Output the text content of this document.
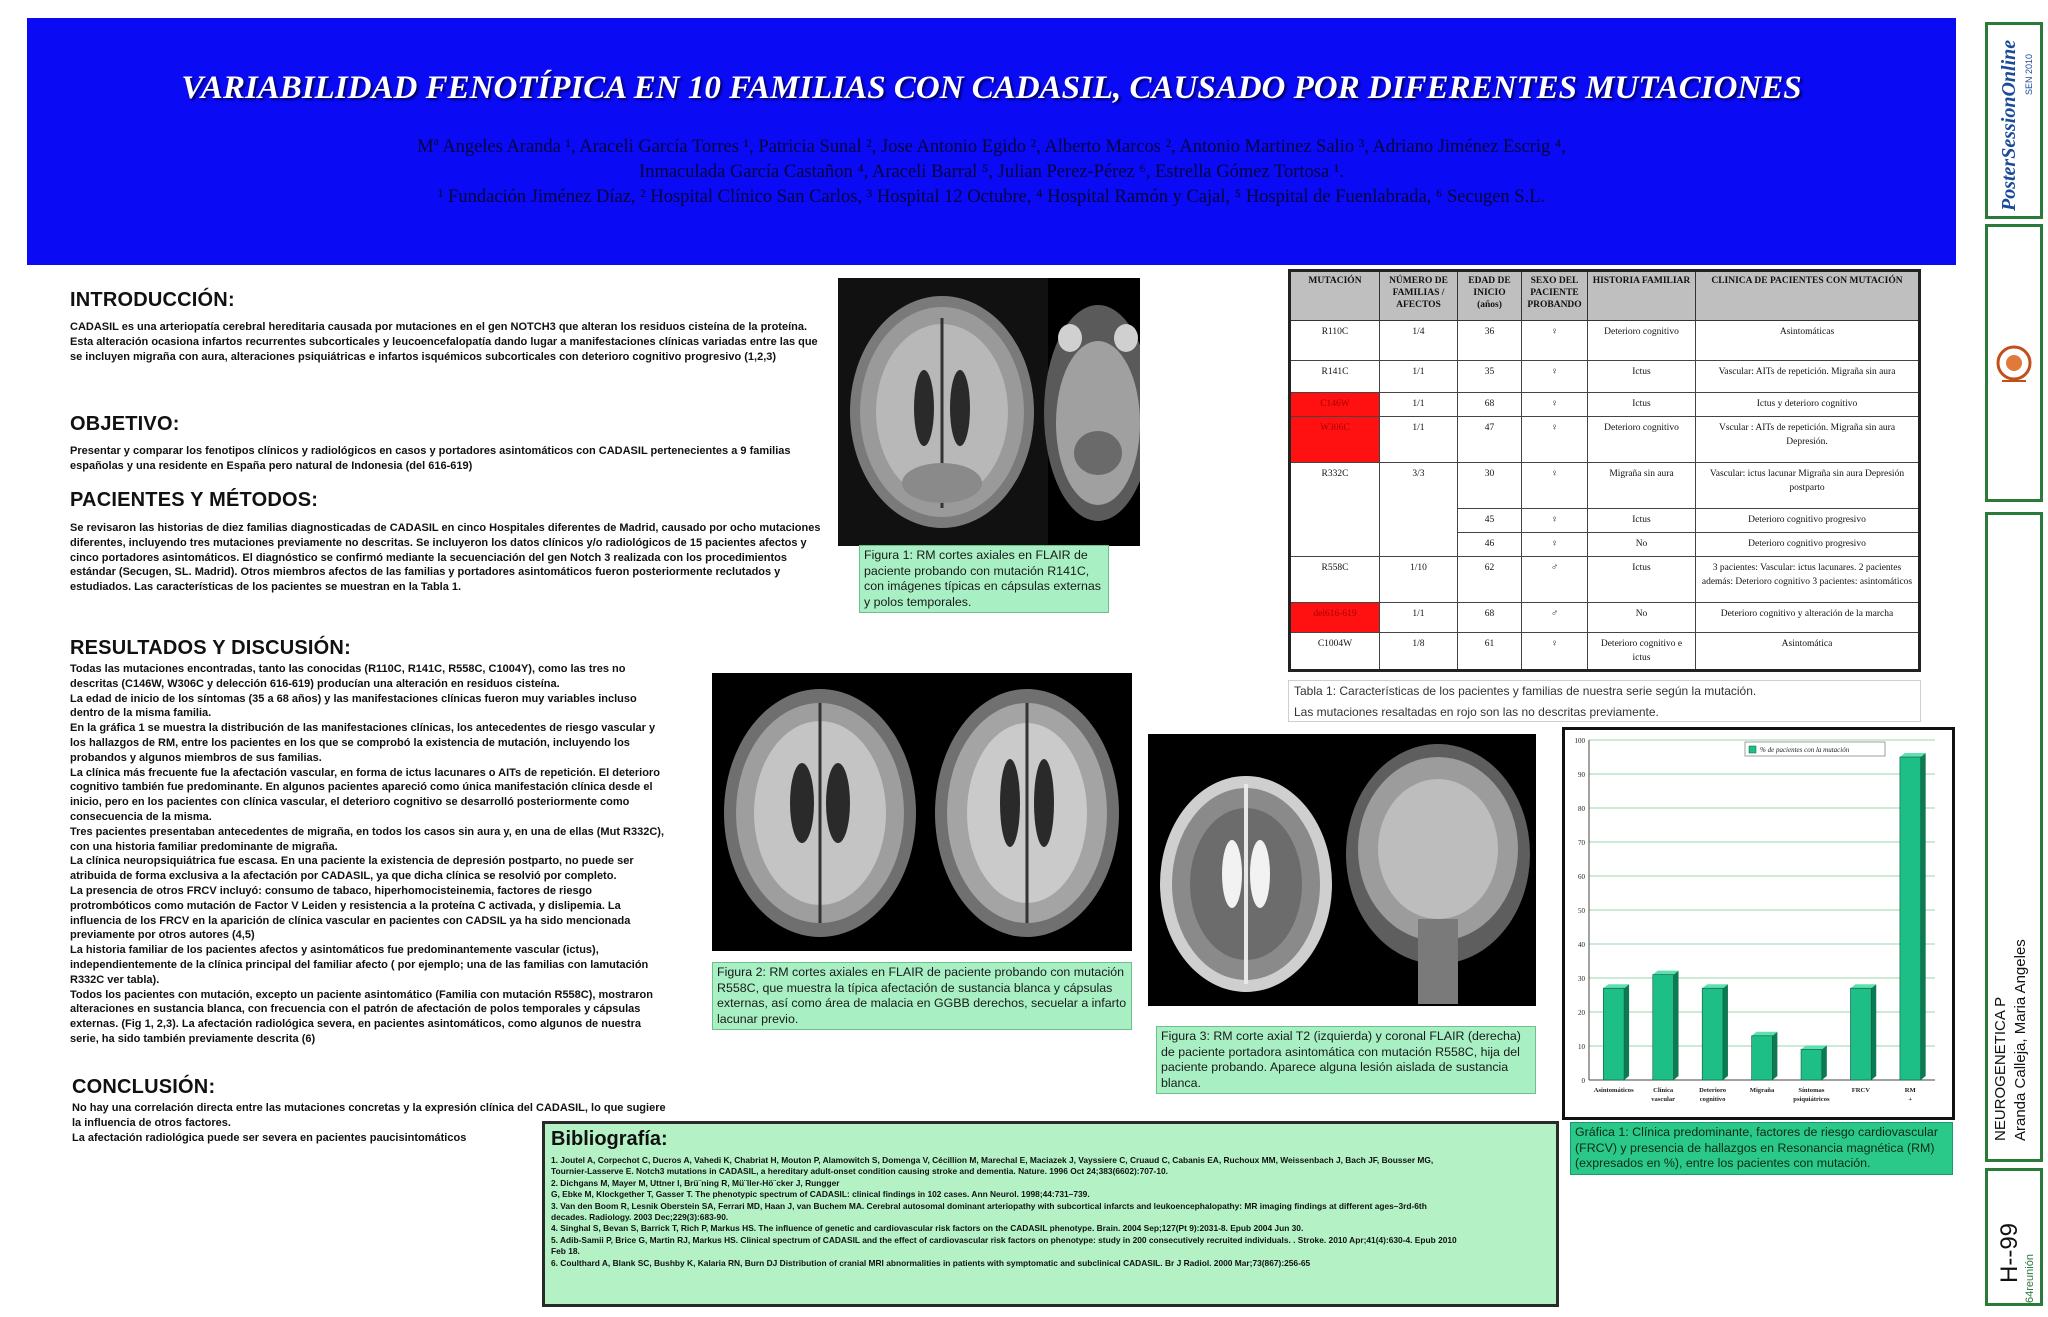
VARIABILIDAD FENOTÍPICA EN 10 FAMILIAS CON CADASIL, CAUSADO POR DIFERENTES MUTACIONES
Mª Angeles Aranda ¹, Araceli García Torres ¹, Patricia Sunal ², Jose Antonio Egido ², Alberto Marcos ², Antonio Martinez Salio ³, Adriano Jiménez Escrig ⁴,
Inmaculada García Castañon ⁴, Araceli Barral ⁵, Julian Perez-Pérez ⁶, Estrella Gómez Tortosa ¹.
¹ Fundación Jiménez Díaz, ² Hospital Clínico San Carlos, ³ Hospital 12 Octubre, ⁴ Hospital Ramón y Cajal, ⁵ Hospital de Fuenlabrada, ⁶ Secugen S.L.
INTRODUCCIÓN:
CADASIL es una arteriopatía cerebral hereditaria causada por mutaciones en el gen NOTCH3 que alteran los residuos cisteína de la proteína. Esta alteración ocasiona infartos recurrentes subcorticales y leucoencefalopatía dando lugar a manifestaciones clínicas variadas entre las que se incluyen migraña con aura, alteraciones psiquiátricas e infartos isquémicos subcorticales con deterioro cognitivo progresivo (1,2,3)
OBJETIVO:
Presentar y comparar los fenotipos clínicos y radiológicos en casos y portadores asintomáticos con CADASIL pertenecientes a 9 familias españolas y una residente en España pero natural de Indonesia (del 616-619)
PACIENTES Y MÉTODOS:
Se revisaron las historias de diez familias diagnosticadas de CADASIL en cinco Hospitales diferentes de Madrid, causado por ocho mutaciones diferentes, incluyendo tres mutaciones previamente no descritas. Se incluyeron los datos clínicos y/o radiológicos de 15 pacientes afectos y cinco portadores asintomáticos. El diagnóstico se confirmó mediante la secuenciación del gen Notch 3 realizada con los procedimientos estándar (Secugen, SL. Madrid). Otros miembros afectos de las familias y portadores asintomáticos fueron posteriormente reclutados y estudiados. Las características de los pacientes se muestran en la Tabla 1.
RESULTADOS Y DISCUSIÓN:
Todas las mutaciones encontradas, tanto las conocidas (R110C, R141C, R558C, C1004Y), como las tres no descritas (C146W, W306C y delección 616-619) producían una alteración en residuos cisteína.
La edad de inicio de los síntomas (35 a 68 años) y las manifestaciones clínicas fueron muy variables incluso dentro de la misma familia.
En la gráfica 1 se muestra la distribución de las manifestaciones clínicas, los antecedentes de riesgo vascular y los hallazgos de RM, entre los pacientes en los que se comprobó la existencia de mutación, incluyendo los probandos y algunos miembros de sus familias.
La clínica más frecuente fue la afectación vascular, en forma de ictus lacunares o AITs de repetición. El deterioro cognitivo también fue predominante. En algunos pacientes apareció como única manifestación clínica desde el inicio, pero en los pacientes con clínica vascular, el deterioro cognitivo se desarrolló posteriormente como consecuencia de la misma.
Tres pacientes presentaban antecedentes de migraña, en todos los casos sin aura y, en una de ellas (Mut R332C), con una historia familiar predominante de migraña.
La clínica neuropsiquiátrica fue escasa. En una paciente la existencia de depresión postparto, no puede ser atribuida de forma exclusiva a la afectación por CADASIL, ya que dicha clínica se resolvió por completo.
La presencia de otros FRCV incluyó: consumo de tabaco, hiperhomocisteinemia, factores de riesgo protrombóticos como mutación de Factor V Leiden y resistencia a la proteína C activada, y dislipemia. La influencia de los FRCV en la aparición de clínica vascular en pacientes con CADSIL ya ha sido mencionada previamente por otros autores (4,5)
La historia familiar de los pacientes afectos y asintomáticos fue predominantemente vascular (ictus), independientemente de la clínica principal del familiar afecto ( por ejemplo; una de las familias con lamutación R332C ver tabla).
Todos los pacientes con mutación, excepto un paciente asintomático (Familia con mutación R558C), mostraron alteraciones en sustancia blanca, con frecuencia con el patrón de afectación de polos temporales y cápsulas externas. (Fig 1, 2,3). La afectación radiológica severa, en pacientes asintomáticos, como algunos de nuestra serie, ha sido también previamente descrita (6)
CONCLUSIÓN:
No hay una correlación directa entre las mutaciones concretas y la expresión clínica del CADASIL, lo que sugiere la influencia de otros factores.
La afectación radiológica puede ser severa en pacientes paucisintomáticos
Figura 1: RM cortes axiales en FLAIR de paciente probando con mutación R141C, con imágenes típicas en cápsulas externas y polos temporales.
Figura 2: RM cortes axiales en FLAIR de paciente probando con mutación R558C, que muestra la típica afectación de sustancia blanca y cápsulas externas, así como área de malacia en GGBB derechos, secuelar a infarto lacunar previo.
Figura 3: RM corte axial T2 (izquierda) y coronal FLAIR (derecha) de paciente portadora asintomática con mutación R558C, hija del paciente probando. Aparece alguna lesión aislada de sustancia blanca.
MUTACIÓN	NÚMERO DE FAMILIAS / AFECTOS	EDAD DE INICIO (años)	SEXO DEL PACIENTE PROBANDO	HISTORIA FAMILIAR	CLINICA DE PACIENTES CON MUTACIÓN
R110C	1/4	36	♀	Deterioro cognitivo	Asintomáticas
R141C	1/1	35	♀	Ictus	Vascular: AITs de repetición. Migraña sin aura
C146W	1/1	68	♀	Ictus	Ictus y deterioro cognitivo
W306C	1/1	47	♀	Deterioro cognitivo	Vscular : AITs de repetición. Migraña sin aura Depresión.
R332C	3/3	30	♀	Migraña sin aura	Vascular: ictus lacunar Migraña sin aura Depresión postparto
		45	♀	Ictus	Deterioro cognitivo progresivo
		46	♀	No	Deterioro cognitivo progresivo
R558C	1/10	62	♂	Ictus	3 pacientes: Vascular: ictus lacunares. 2 pacientes además: Deterioro cognitivo 3 pacientes: asintomáticos
del616-619	1/1	68	♂	No	Deterioro cognitivo y alteración de la marcha
C1004W	1/8	61	♀	Deterioro cognitivo e ictus	Asintomática
Tabla 1: Características de los pacientes y familias de nuestra serie según la mutación.
Las mutaciones resaltadas en rojo son las no descritas previamente.
0
10
20
30
40
50
60
70
80
90
100
Asintomáticos	Clínica
vascular
Deterioro
cognitivo
Migraña	Síntomas
psiquiátricos
FRCV	RM
+
% de pacientes con la mutación
Gráfica 1: Clínica predominante, factores de riesgo cardiovascular (FRCV) y presencia de hallazgos en Resonancia magnética (RM) (expresados en %), entre los pacientes con mutación.
Bibliografía:
1. Joutel A, Corpechot C, Ducros A, Vahedi K, Chabriat H, Mouton P, Alamowitch S, Domenga V, Cécillion M, Marechal E, Maciazek J, Vayssiere C, Cruaud C, Cabanis EA, Ruchoux MM, Weissenbach J, Bach JF, Bousser MG,
Tournier-Lasserve E. Notch3 mutations in CADASIL, a hereditary adult-onset condition causing stroke and dementia. Nature. 1996 Oct 24;383(6602):707-10.
2. Dichgans M, Mayer M, Uttner I, Brü¨ning R, Mü¨ller-Hö¨cker J, Rungger
G, Ebke M, Klockgether T, Gasser T. The phenotypic spectrum of CADASIL: clinical findings in 102 cases. Ann Neurol. 1998;44:731–739.
3. Van den Boom R, Lesnik Oberstein SA, Ferrari MD, Haan J, van Buchem MA. Cerebral autosomal dominant arteriopathy with subcortical infarcts and leukoencephalopathy: MR imaging findings at different ages–3rd-6th
decades. Radiology. 2003 Dec;229(3):683-90.
4. Singhal S, Bevan S, Barrick T, Rich P, Markus HS. The influence of genetic and cardiovascular risk factors on the CADASIL phenotype. Brain. 2004 Sep;127(Pt 9):2031-8. Epub 2004 Jun 30.
5. Adib-Samii P, Brice G, Martin RJ, Markus HS. Clinical spectrum of CADASIL and the effect of cardiovascular risk factors on phenotype: study in 200 consecutively recruited individuals. . Stroke. 2010 Apr;41(4):630-4. Epub 2010
Feb 18.
6. Coulthard A, Blank SC, Bushby K, Kalaria RN, Burn DJ Distribution of cranial MRI abnormalities in patients with symptomatic and subclinical CADASIL. Br J Radiol. 2000 Mar;73(867):256-65
PosterSessionOnline SEN 2010
NEUROGENETICA P Aranda Calleja, Maria Angeles
H--99 64reunión
